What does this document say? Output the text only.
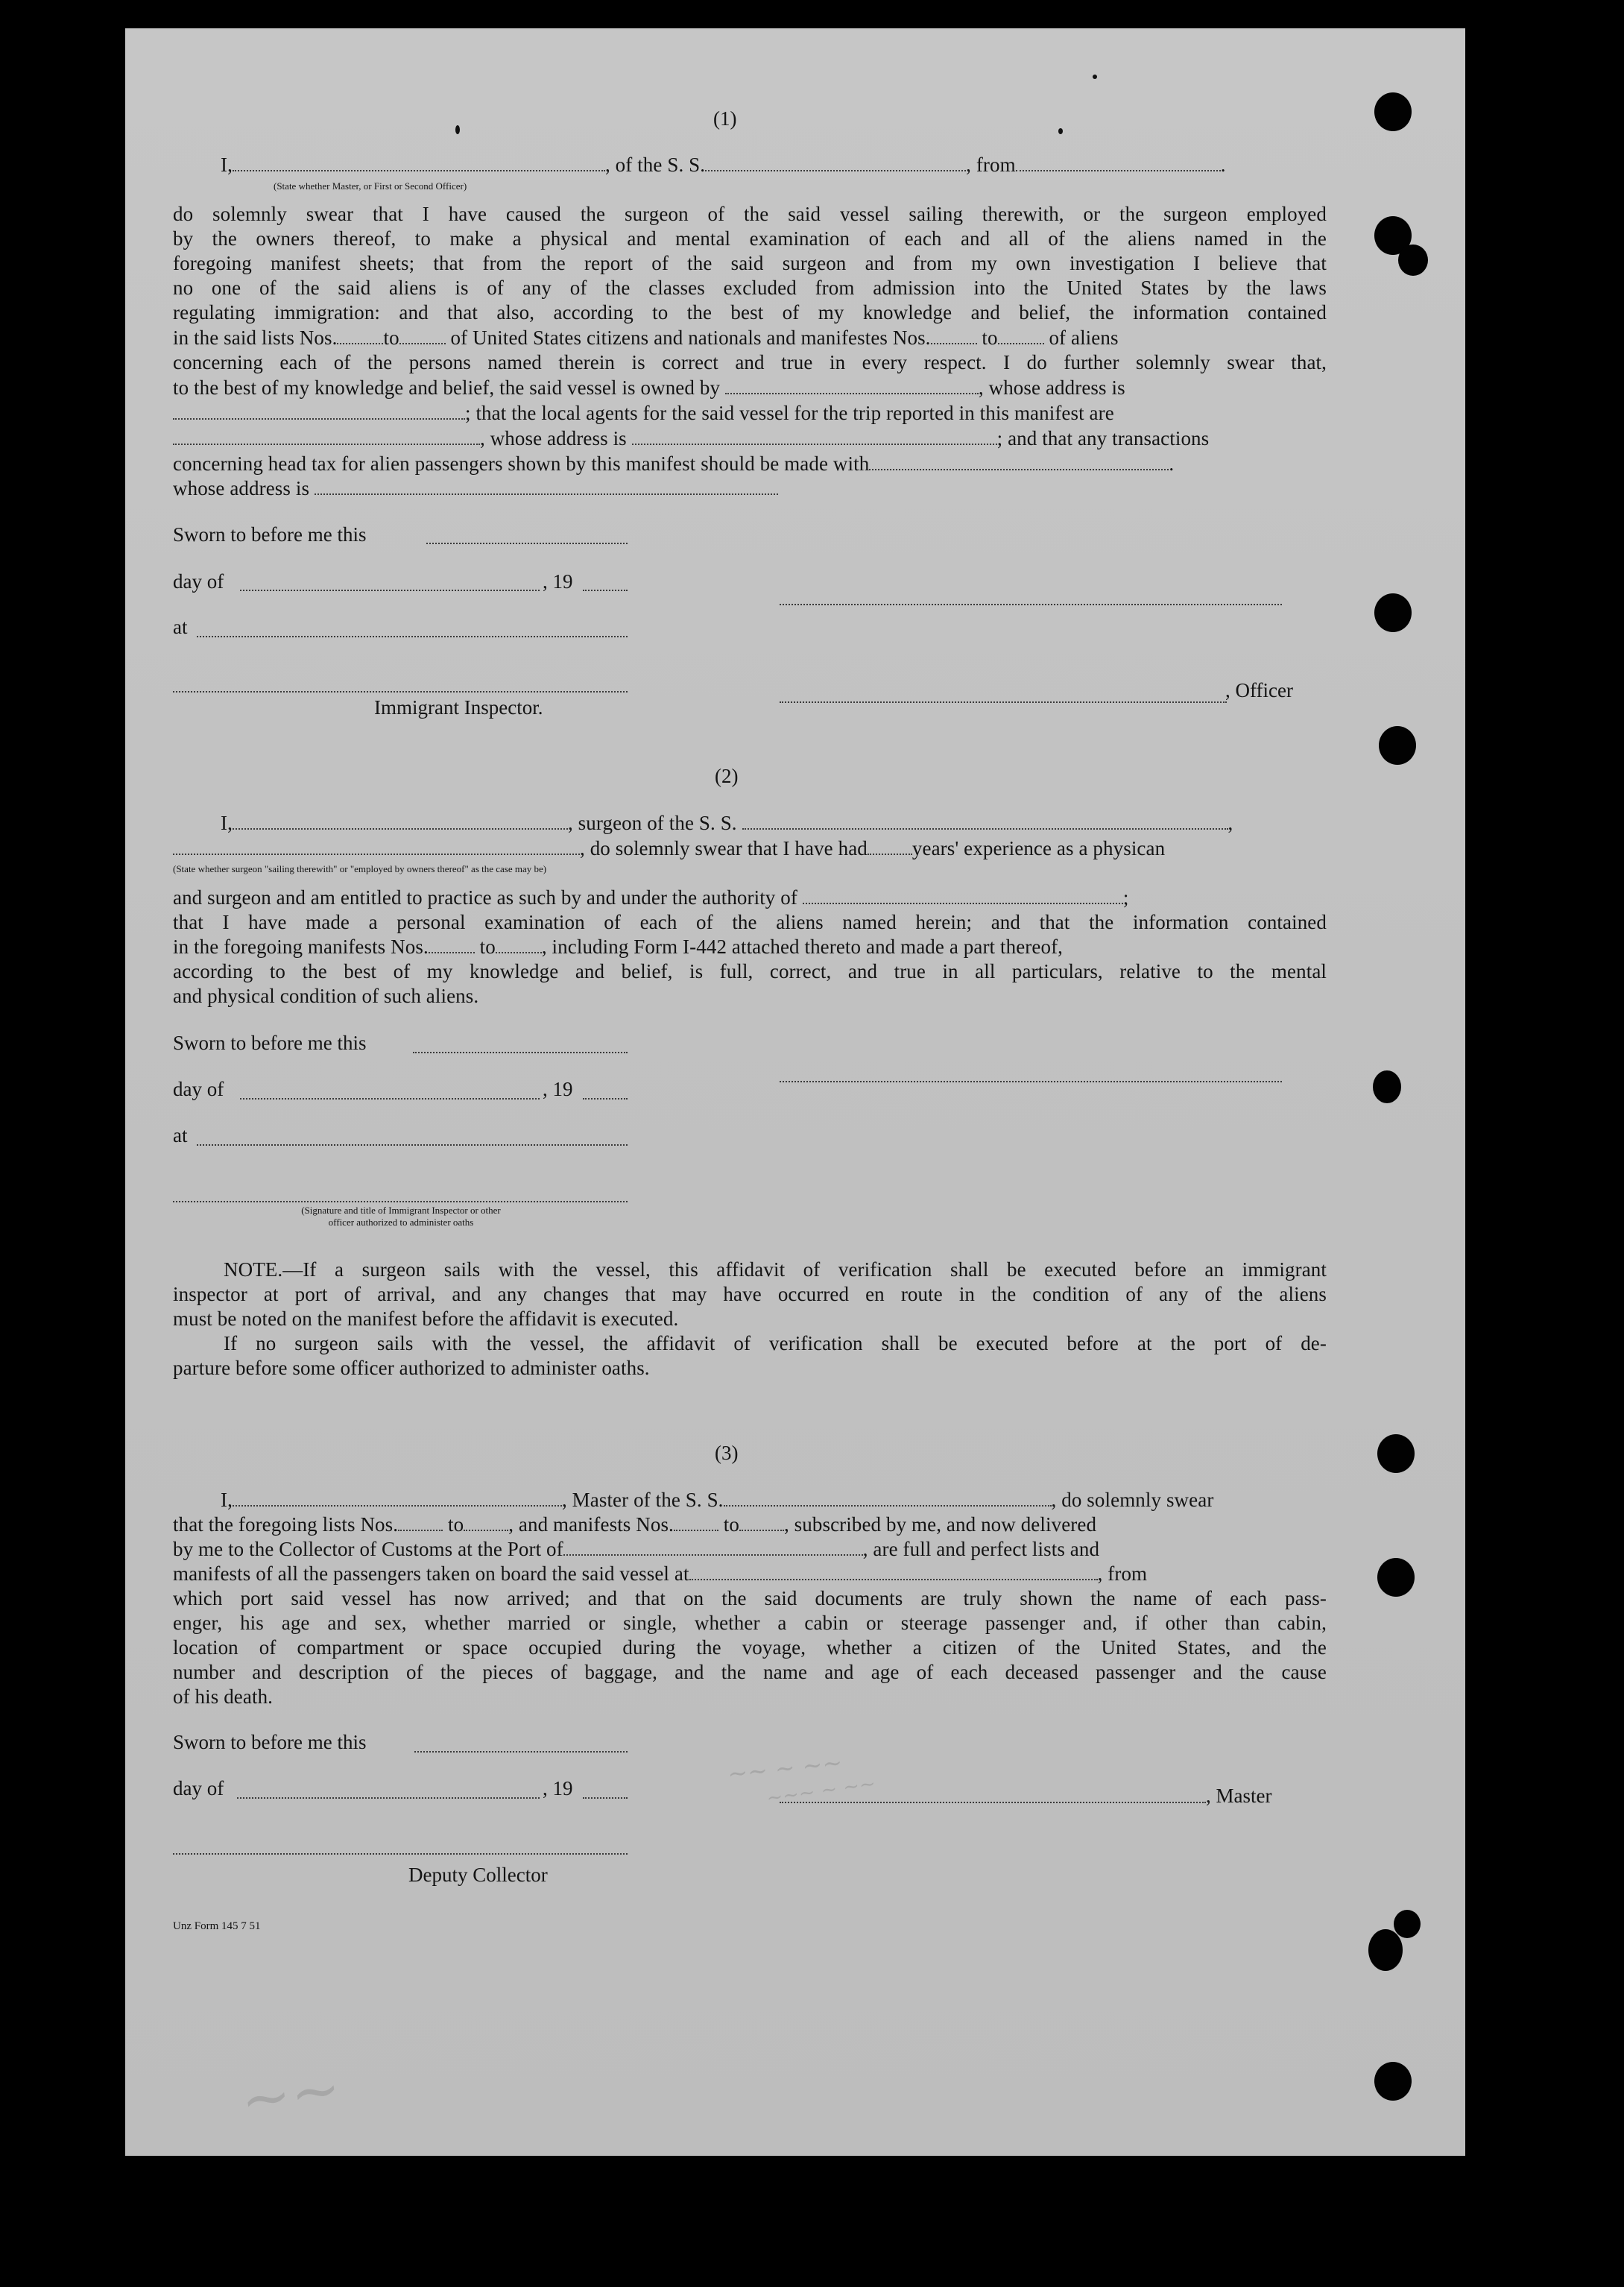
~~
~~ ~ ~~
~~~ ~ ~~
(1)
I,	, of the S. S.	, from	.
(State whether Master, or First or Second Officer)
do solemnly swear that I have caused the surgeon of the said vessel sailing therewith, or the surgeon employed
by the owners thereof, to make a physical and mental examination of each and all of the aliens named in the
foregoing manifest sheets; that from the report of the said surgeon and from my own investigation I believe that
no one of the said aliens is of any of the classes excluded from admission into the United States by the laws
regulating immigration: and that also, according to the best of my knowledge and belief, the information contained
in the said lists Nos. to	of United States citizens and nationals and manifestes Nos.	to	of aliens
concerning each of the persons named therein is correct and true in every respect. I do further solemnly swear that,
to the best of my knowledge and belief, the said vessel is owned by	, whose address is
; that the local agents for the said vessel for the trip reported in this manifest are
, whose address is	; and that any transactions
concerning head tax for alien passengers shown by this manifest should be made with	.
whose address is
Sworn to before me this
day of	, 19
at
, Officer
Immigrant Inspector.
(2)
I,	, surgeon of the S. S.	,
, do solemnly swear that I have had years' experience as a physican
(State whether surgeon "sailing therewith" or "employed by owners thereof" as the case may be)
and surgeon and am entitled to practice as such by and under the authority of	;
that I have made a personal examination of each of the aliens named herein; and that the information contained
in the foregoing manifests Nos.	to , including Form I-442 attached thereto and made a part thereof,
according to the best of my knowledge and belief, is full, correct, and true in all particulars, relative to the mental
and physical condition of such aliens.
Sworn to before me this
day of	, 19
at
(Signature and title of Immigrant Inspector or other
officer authorized to administer oaths
NOTE.—If a surgeon sails with the vessel, this affidavit of verification shall be executed before an immigrant
inspector at port of arrival, and any changes that may have occurred en route in the condition of any of the aliens
must be noted on the manifest before the affidavit is executed.
If no surgeon sails with the vessel, the affidavit of verification shall be executed before at the port of de-
parture before some officer authorized to administer oaths.
(3)
I,	, Master of the S. S.	, do solemnly swear
that the foregoing lists Nos. to , and manifests Nos. to , subscribed by me, and now delivered
by me to the Collector of Customs at the Port of	, are full and perfect lists and
manifests of all the passengers taken on board the said vessel at	, from
which port said vessel has now arrived; and that on the said documents are truly shown the name of each pass-
enger, his age and sex, whether married or single, whether a cabin or steerage passenger and, if other than cabin,
location of compartment or space occupied during the voyage, whether a citizen of the United States, and the
number and description of the pieces of baggage, and the name and age of each deceased passenger and the cause
of his death.
Sworn to before me this
day of	, 19	, Master
Deputy Collector
Unz Form 145 7 51
